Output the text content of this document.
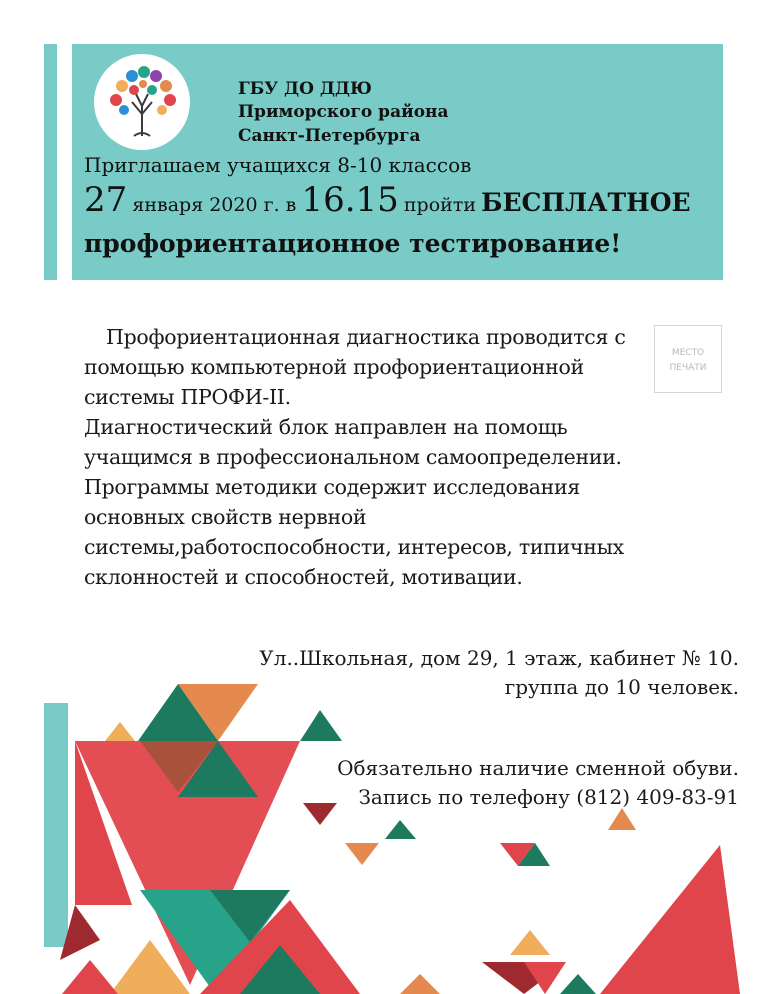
ГБУ ДО ДДЮ
Приморского района
Санкт-Петербурга
Приглашаем учащихся 8-10 классов
27 января 2020 г. в 16.15 пройти БЕСПЛАТНОЕ
профориентационное тестирование!
Профориентационная диагностика проводится с
помощью компьютерной профориентационной
системы ПРОФИ-II.
Диагностический блок направлен на помощь
учащимся в профессиональном самоопределении.
Программы методики содержит исследования
основных свойств нервной
системы,работоспособности, интересов, типичных
склонностей и способностей, мотивации.
МЕСТО
ПЕЧАТИ
Ул..Школьная, дом 29, 1 этаж, кабинет № 10.
группа до 10 человек.
Обязательно наличие сменной обуви.
Запись по телефону (812) 409-83-91
